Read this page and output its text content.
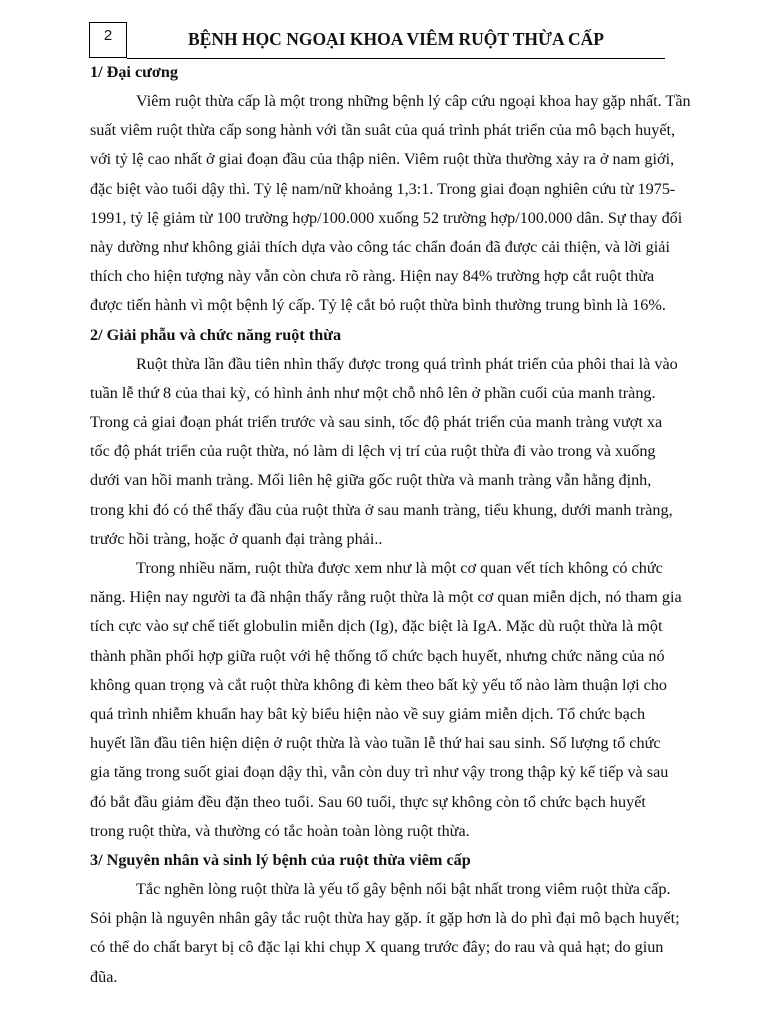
2	BỆNH HỌC NGOẠI KHOA VIÊM RUỘT THỪA CẤP
1/ Đại cương
Viêm ruột thừa cấp là một trong những bệnh lý câp cứu ngoại khoa hay gặp nhất. Tần
suất viêm ruột thừa cấp song hành với tần suât của quá trình phát triển của mô bạch huyết,
với tỷ lệ cao nhất ở giai đoạn đầu của thập niên. Viêm ruột thừa thường xảy ra ở nam giới,
đặc biệt vào tuổi dậy thì. Tỷ lệ nam/nữ khoảng 1,3:1. Trong giai đoạn nghiên cứu từ 1975-
1991, tỷ lệ giảm từ 100 trường hợp/100.000 xuống 52 trường hợp/100.000 dân. Sự thay đổi
này dường như không giải thích dựa vào công tác chẩn đoán đã được cải thiện, và lời giải
thích cho hiện tượng này vẫn còn chưa rõ ràng. Hiện nay 84% trường hợp cắt ruột thừa
được tiến hành vì một bệnh lý cấp. Tỷ lệ cắt bỏ ruột thừa bình thường trung bình là 16%.
2/ Giải phẫu và chức năng ruột thừa
Ruột thừa lần đầu tiên nhìn thấy được trong quá trình phát triển của phôi thai là vào
tuần lễ thứ 8 của thai kỳ, có hình ảnh như một chỗ nhô lên ở phần cuối của manh tràng.
Trong cả giai đoạn phát triển trước và sau sinh, tốc độ phát triển của manh tràng vượt xa
tốc độ phát triển của ruột thừa, nó làm di lệch vị trí của ruột thừa đi vào trong và xuống
dưới van hồi manh tràng. Mối liên hệ giữa gốc ruột thừa và manh tràng vẫn hằng định,
trong khi đó có thể thấy đầu của ruột thừa ở sau manh tràng, tiểu khung, dưới manh tràng,
trước hồi tràng, hoặc ở quanh đại tràng phải..
Trong nhiều năm, ruột thừa được xem như là một cơ quan vết tích không có chức
năng. Hiện nay người ta đã nhận thấy rằng ruột thừa là một cơ quan miễn dịch, nó tham gia
tích cực vào sự chế tiết globulin miễn dịch (Ig), đặc biệt là IgA. Mặc dù ruột thừa là một
thành phần phối hợp giữa ruột với hệ thống tổ chức bạch huyết, nhưng chức năng của nó
không quan trọng và cắt ruột thừa không đi kèm theo bất kỳ yếu tố nào làm thuận lợi cho
quá trình nhiễm khuẩn hay bât kỳ biểu hiện nào về suy giảm miễn dịch. Tổ chức bạch
huyết lần đầu tiên hiện diện ở ruột thừa là vào tuần lễ thứ hai sau sinh. Số lượng tổ chức
gia tăng trong suốt giai đoạn dậy thì, vẫn còn duy trì như vậy trong thập kỷ kế tiếp và sau
đó bắt đầu giảm đều đặn theo tuổi. Sau 60 tuổi, thực sự không còn tổ chức bạch huyết
trong ruột thừa, và thường có tắc hoàn toàn lòng ruột thừa.
3/ Nguyên nhân và sinh lý bệnh của ruột thừa viêm cấp
Tắc nghẽn lòng ruột thừa là yếu tố gây bệnh nổi bật nhất trong viêm ruột thừa cấp.
Sỏi phận là nguyên nhân gây tắc ruột thừa hay gặp. ít gặp hơn là do phì đại mô bạch huyết;
có thể do chất baryt bị cô đặc lại khi chụp X quang trước đây; do rau và quả hạt; do giun
đũa.
